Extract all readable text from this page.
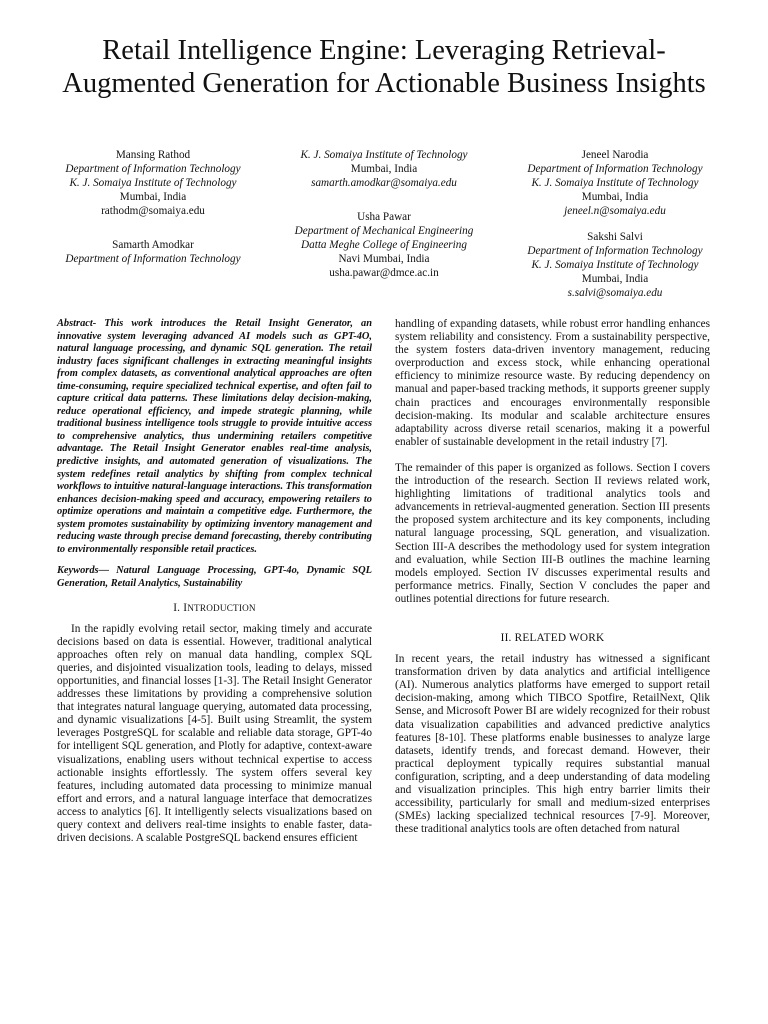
Retail Intelligence Engine: Leveraging Retrieval-Augmented Generation for Actionable Business Insights
Mansing Rathod
Department of Information Technology
K. J. Somaiya Institute of Technology
Mumbai, India
rathodm@somaiya.edu
Samarth Amodkar
Department of Information Technology
K. J. Somaiya Institute of Technology
Mumbai, India
samarth.amodkar@somaiya.edu
Usha Pawar
Department of Mechanical Engineering
Datta Meghe College of Engineering
Navi Mumbai, India
usha.pawar@dmce.ac.in
Jeneel Narodia
Department of Information Technology
K. J. Somaiya Institute of Technology
Mumbai, India
jeneel.n@somaiya.edu
Sakshi Salvi
Department of Information Technology
K. J. Somaiya Institute of Technology
Mumbai, India
s.salvi@somaiya.edu

Abstract- This work introduces the Retail Insight Generator, an innovative system leveraging advanced AI models such as GPT-4O, natural language processing, and dynamic SQL generation. The retail industry faces significant challenges in extracting meaningful insights from complex datasets, as conventional analytical approaches are often time-consuming, require specialized technical expertise, and often fail to capture critical data patterns. These limitations delay decision-making, reduce operational efficiency, and impede strategic planning, while traditional business intelligence tools struggle to provide intuitive access to comprehensive analytics, thus undermining retailers competitive advantage. The Retail Insight Generator enables real-time analysis, predictive insights, and automated generation of visualizations. The system redefines retail analytics by shifting from complex technical workflows to intuitive natural-language interactions. This transformation enhances decision-making speed and accuracy, empowering retailers to optimize operations and maintain a competitive edge. Furthermore, the system promotes sustainability by optimizing inventory management and reducing waste through precise demand forecasting, thereby contributing to environmentally responsible retail practices.

Keywords— Natural Language Processing, GPT-4o, Dynamic SQL Generation, Retail Analytics, Sustainability

I. INTRODUCTION

In the rapidly evolving retail sector, making timely and accurate decisions based on data is essential. However, traditional analytical approaches often rely on manual data handling, complex SQL queries, and disjointed visualization tools, leading to delays, missed opportunities, and financial losses [1-3]. The Retail Insight Generator addresses these limitations by providing a comprehensive solution that integrates natural language querying, automated data processing, and dynamic visualizations [4-5]. Built using Streamlit, the system leverages PostgreSQL for scalable and reliable data storage, GPT-4o for intelligent SQL generation, and Plotly for adaptive, context-aware visualizations, enabling users without technical expertise to access actionable insights effortlessly. The system offers several key features, including automated data processing to minimize manual effort and errors, and a natural language interface that democratizes access to analytics [6]. It intelligently selects visualizations based on query context and delivers real-time insights to enable faster, data-driven decisions. A scalable PostgreSQL backend ensures efficient

handling of expanding datasets, while robust error handling enhances system reliability and consistency. From a sustainability perspective, the system fosters data-driven inventory management, reducing overproduction and excess stock, while enhancing operational efficiency to minimize resource waste. By reducing dependency on manual and paper-based tracking methods, it supports greener supply chain practices and encourages environmentally responsible decision-making. Its modular and scalable architecture ensures adaptability across diverse retail scenarios, making it a powerful enabler of sustainable development in the retail industry [7].

The remainder of this paper is organized as follows. Section I covers the introduction of the research. Section II reviews related work, highlighting limitations of traditional analytics tools and advancements in retrieval-augmented generation. Section III presents the proposed system architecture and its key components, including natural language processing, SQL generation, and visualization. Section III-A describes the methodology used for system integration and evaluation, while Section III-B outlines the machine learning models employed. Section IV discusses experimental results and performance metrics. Finally, Section V concludes the paper and outlines potential directions for future research.

II. RELATED WORK

In recent years, the retail industry has witnessed a significant transformation driven by data analytics and artificial intelligence (AI). Numerous analytics platforms have emerged to support retail decision-making, among which TIBCO Spotfire, RetailNext, Qlik Sense, and Microsoft Power BI are widely recognized for their robust data visualization capabilities and advanced predictive analytics features [8-10]. These platforms enable businesses to analyze large datasets, identify trends, and forecast demand. However, their practical deployment typically requires substantial manual configuration, scripting, and a deep understanding of data modeling and visualization principles. This high entry barrier limits their accessibility, particularly for small and medium-sized enterprises (SMEs) lacking specialized technical resources [7-9]. Moreover, these traditional analytics tools are often detached from natural
